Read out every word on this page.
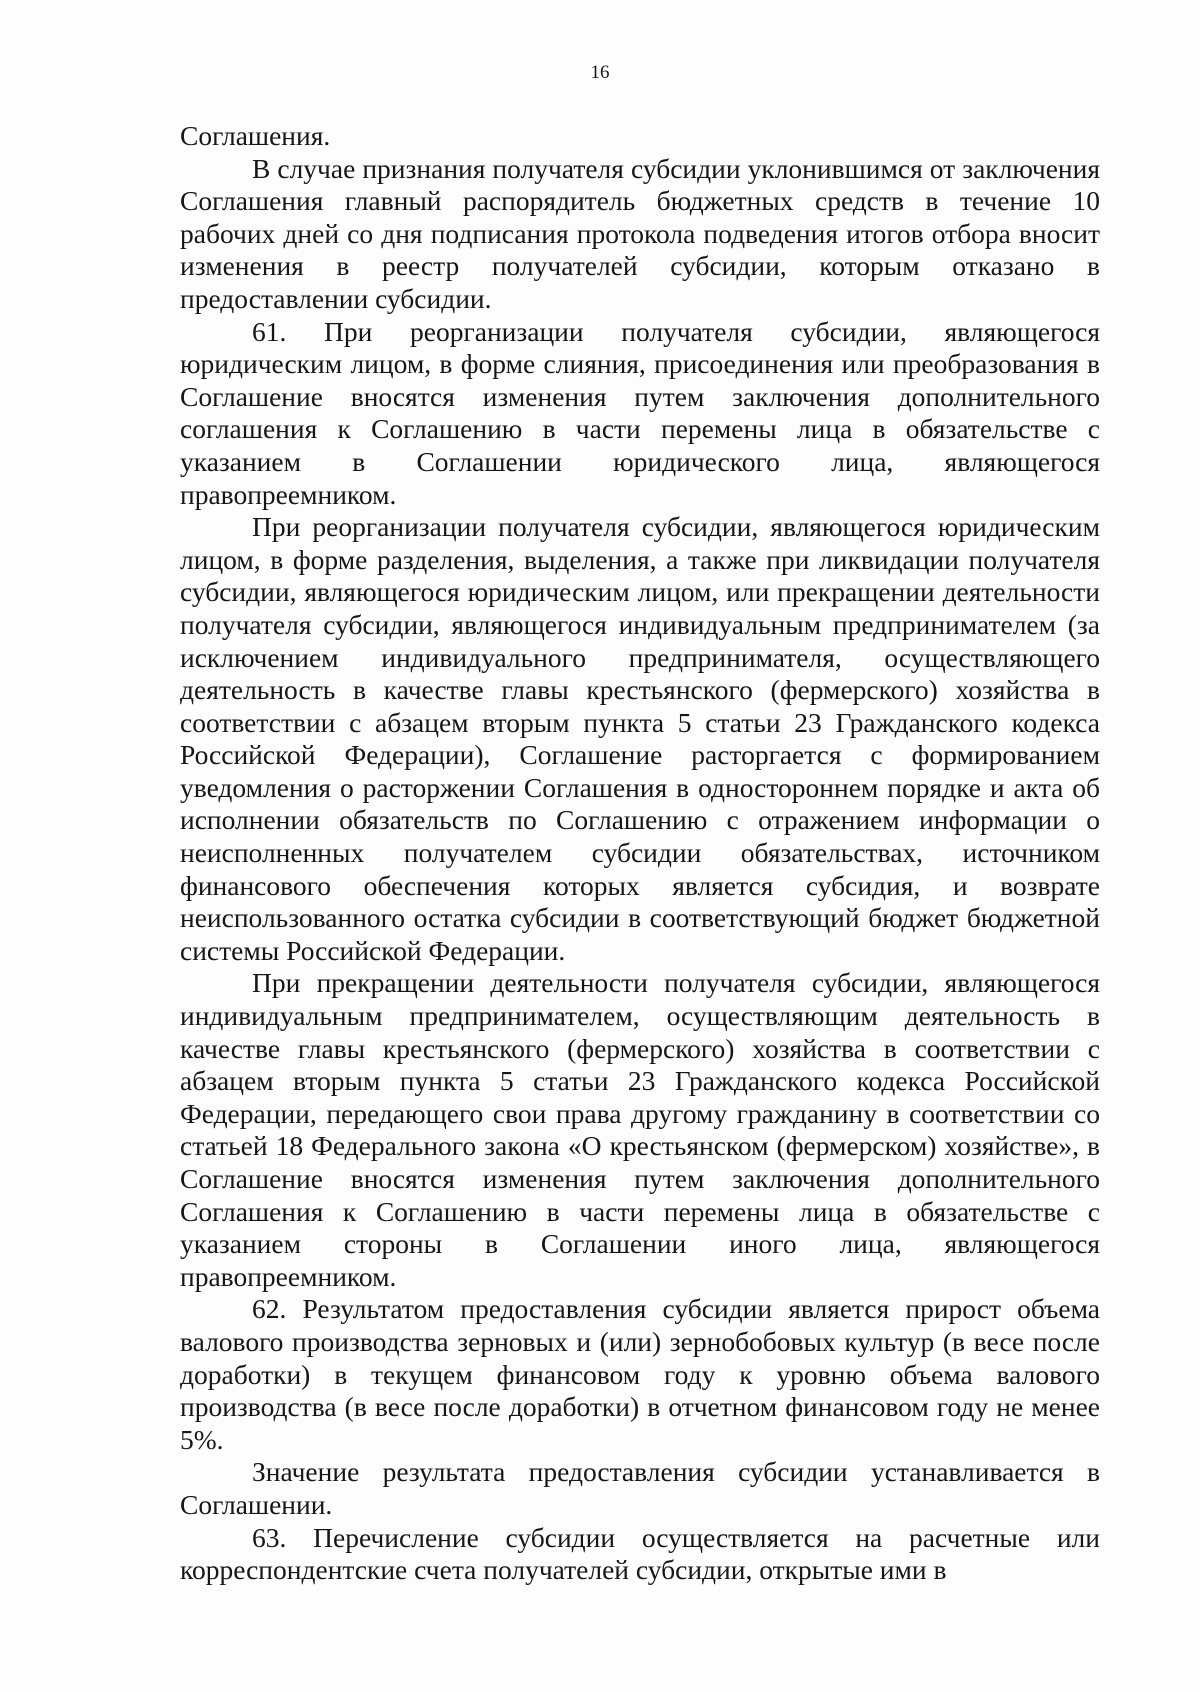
16

Соглашения.

В случае признания получателя субсидии уклонившимся от заключения Соглашения главный распорядитель бюджетных средств в течение 10 рабочих дней со дня подписания протокола подведения итогов отбора вносит изменения в реестр получателей субсидии, которым отказано в предоставлении субсидии.

61. При реорганизации получателя субсидии, являющегося юридическим лицом, в форме слияния, присоединения или преобразования в Соглашение вносятся изменения путем заключения дополнительного соглашения к Соглашению в части перемены лица в обязательстве с указанием в Соглашении юридического лица, являющегося правопреемником.

При реорганизации получателя субсидии, являющегося юридическим лицом, в форме разделения, выделения, а также при ликвидации получателя субсидии, являющегося юридическим лицом, или прекращении деятельности получателя субсидии, являющегося индивидуальным предпринимателем (за исключением индивидуального предпринимателя, осуществляющего деятельность в качестве главы крестьянского (фермерского) хозяйства в соответствии с абзацем вторым пункта 5 статьи 23 Гражданского кодекса Российской Федерации), Соглашение расторгается с формированием уведомления о расторжении Соглашения в одностороннем порядке и акта об исполнении обязательств по Соглашению с отражением информации о неисполненных получателем субсидии обязательствах, источником финансового обеспечения которых является субсидия, и возврате неиспользованного остатка субсидии в соответствующий бюджет бюджетной системы Российской Федерации.

При прекращении деятельности получателя субсидии, являющегося индивидуальным предпринимателем, осуществляющим деятельность в качестве главы крестьянского (фермерского) хозяйства в соответствии с абзацем вторым пункта 5 статьи 23 Гражданского кодекса Российской Федерации, передающего свои права другому гражданину в соответствии со статьей 18 Федерального закона «О крестьянском (фермерском) хозяйстве», в Соглашение вносятся изменения путем заключения дополнительного Соглашения к Соглашению в части перемены лица в обязательстве с указанием стороны в Соглашении иного лица, являющегося правопреемником.

62. Результатом предоставления субсидии является прирост объема валового производства зерновых и (или) зернобобовых культур (в весе после доработки) в текущем финансовом году к уровню объема валового производства (в весе после доработки) в отчетном финансовом году не менее 5%.

Значение результата предоставления субсидии устанавливается в Соглашении.

63. Перечисление субсидии осуществляется на расчетные или корреспондентские счета получателей субсидии, открытые ими в
